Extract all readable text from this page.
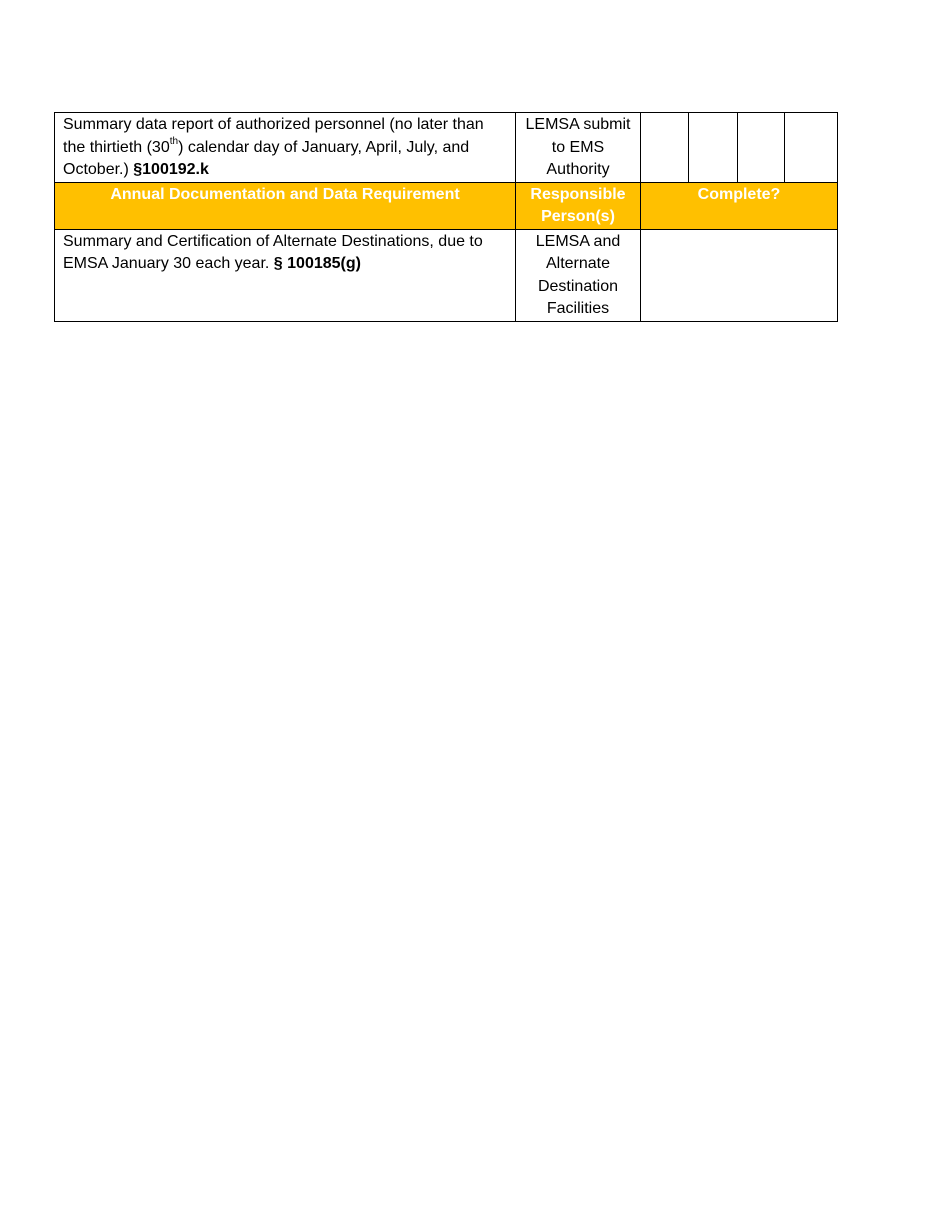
Summary data report of authorized personnel (no later than the thirtieth (30th) calendar day of January, April, July, and October.) §100192.k	LEMSA submit to EMS Authority				
Annual Documentation and Data Requirement	Responsible Person(s)	Complete?			
Summary and Certification of Alternate Destinations, due to EMSA January 30 each year. § 100185(g)	LEMSA and Alternate Destination Facilities				
